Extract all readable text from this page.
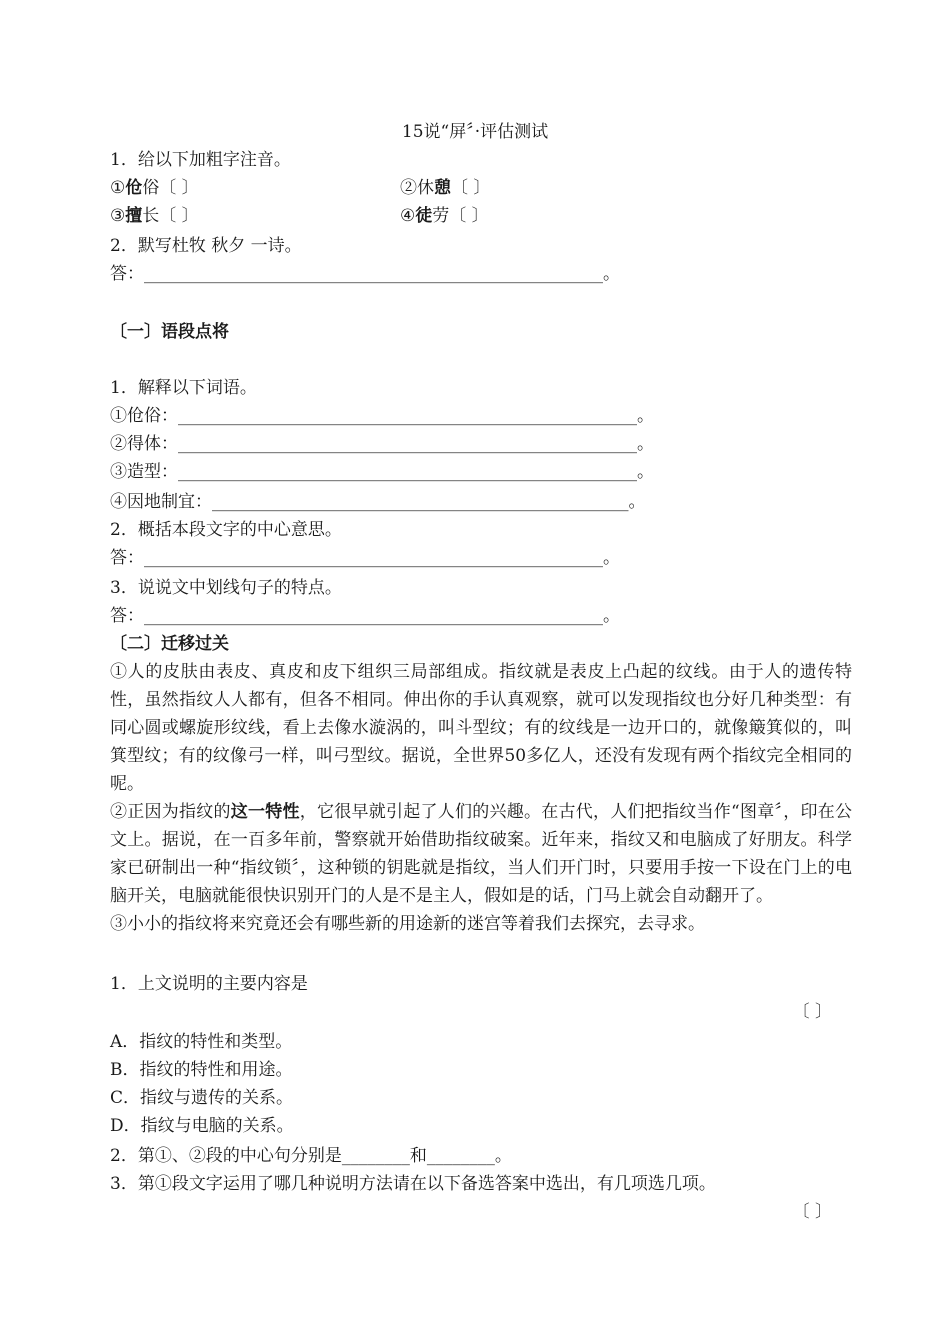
15说“屏〞·评估测试
1．给以下加粗字注音。
①伧俗〔 〕	②休憩〔 〕
③擅长〔 〕	④徒劳〔 〕
2．默写杜牧 秋夕 一诗。
答：______________________________________________________。
〔一〕语段点将
1．解释以下词语。
①伧俗：______________________________________________________。
②得体：______________________________________________________。
③造型：______________________________________________________。
④因地制宜：_________________________________________________。
2．概括本段文字的中心意思。
答：______________________________________________________。
3．说说文中划线句子的特点。
答：______________________________________________________。
〔二〕迁移过关

①人的皮肤由表皮、真皮和皮下组织三局部组成。指纹就是表皮上凸起的纹线。由于人的遗传特性，虽然指纹人人都有，但各不相同。伸出你的手认真观察，就可以发现指纹也分好几种类型：有同心圆或螺旋形纹线，看上去像水漩涡的，叫斗型纹；有的纹线是一边开口的，就像簸箕似的，叫箕型纹；有的纹像弓一样，叫弓型纹。据说，全世界50多亿人，还没有发现有两个指纹完全相同的呢。

②正因为指纹的这一特性，它很早就引起了人们的兴趣。在古代，人们把指纹当作“图章〞，印在公文上。据说，在一百多年前，警察就开始借助指纹破案。近年来，指纹又和电脑成了好朋友。科学家已研制出一种“指纹锁〞，这种锁的钥匙就是指纹，当人们开门时，只要用手按一下设在门上的电脑开关，电脑就能很快识别开门的人是不是主人，假如是的话，门马上就会自动翻开了。

③小小的指纹将来究竟还会有哪些新的用途新的迷宫等着我们去探究，去寻求。

1．上文说明的主要内容是
〔 〕
A．指纹的特性和类型。
B．指纹的特性和用途。
C．指纹与遗传的关系。
D．指纹与电脑的关系。
2．第①、②段的中心句分别是________和________。
3．第①段文字运用了哪几种说明方法请在以下备选答案中选出，有几项选几项。
〔 〕
